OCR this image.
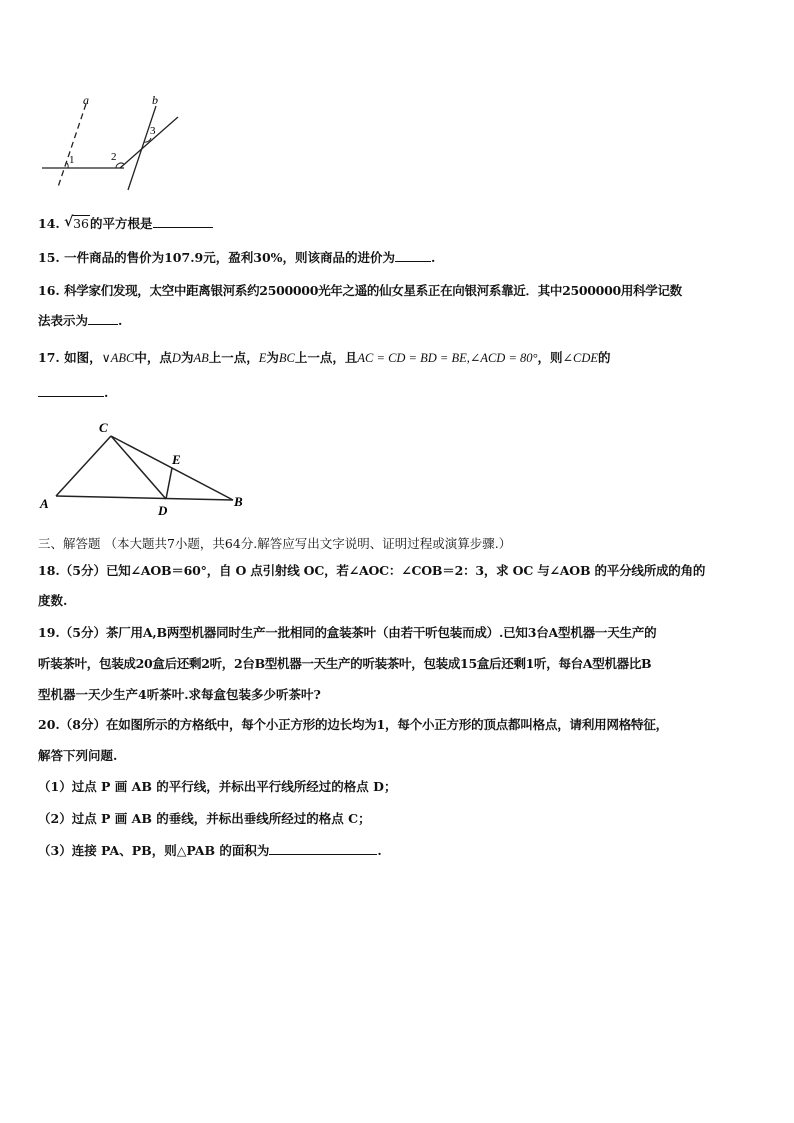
a	b
1	2
3
14. √ 36的平方根是
15. 一件商品的售价为107.9元，盈利30%，则该商品的进价为	.
16. 科学家们发现，太空中距离银河系约2500000光年之遥的仙女星系正在向银河系靠近．其中2500000用科学记数
法表示为 .
17. 如图，∨ABC中，点D为AB上一点，E为BC上一点，且AC = CD = BD = BE,∠ACD = 80°，则∠CDE的
.
C
E
A	D
B
三、解答题 （本大题共7小题，共64分.解答应写出文字说明、证明过程或演算步骤.）
18.（5分）已知∠AOB＝60°，自 O 点引射线 OC，若∠AOC：∠COB＝2：3，求 OC 与∠AOB 的平分线所成的角的
度数.
19.（5分）茶厂用A,B两型机器同时生产一批相同的盒装茶叶（由若干听包装而成）.已知3台A型机器一天生产的
听装茶叶，包装成20盒后还剩2听，2台B型机器一天生产的听装茶叶，包装成15盒后还剩1听，每台A型机器比B
型机器一天少生产4听茶叶.求每盒包装多少听茶叶?
20.（8分）在如图所示的方格纸中，每个小正方形的边长均为1，每个小正方形的顶点都叫格点，请利用网格特征，
解答下列问题.
（1）过点 P 画 AB 的平行线，并标出平行线所经过的格点 D；
（2）过点 P 画 AB 的垂线，并标出垂线所经过的格点 C；
（3）连接 PA、PB，则△PAB 的面积为	.
